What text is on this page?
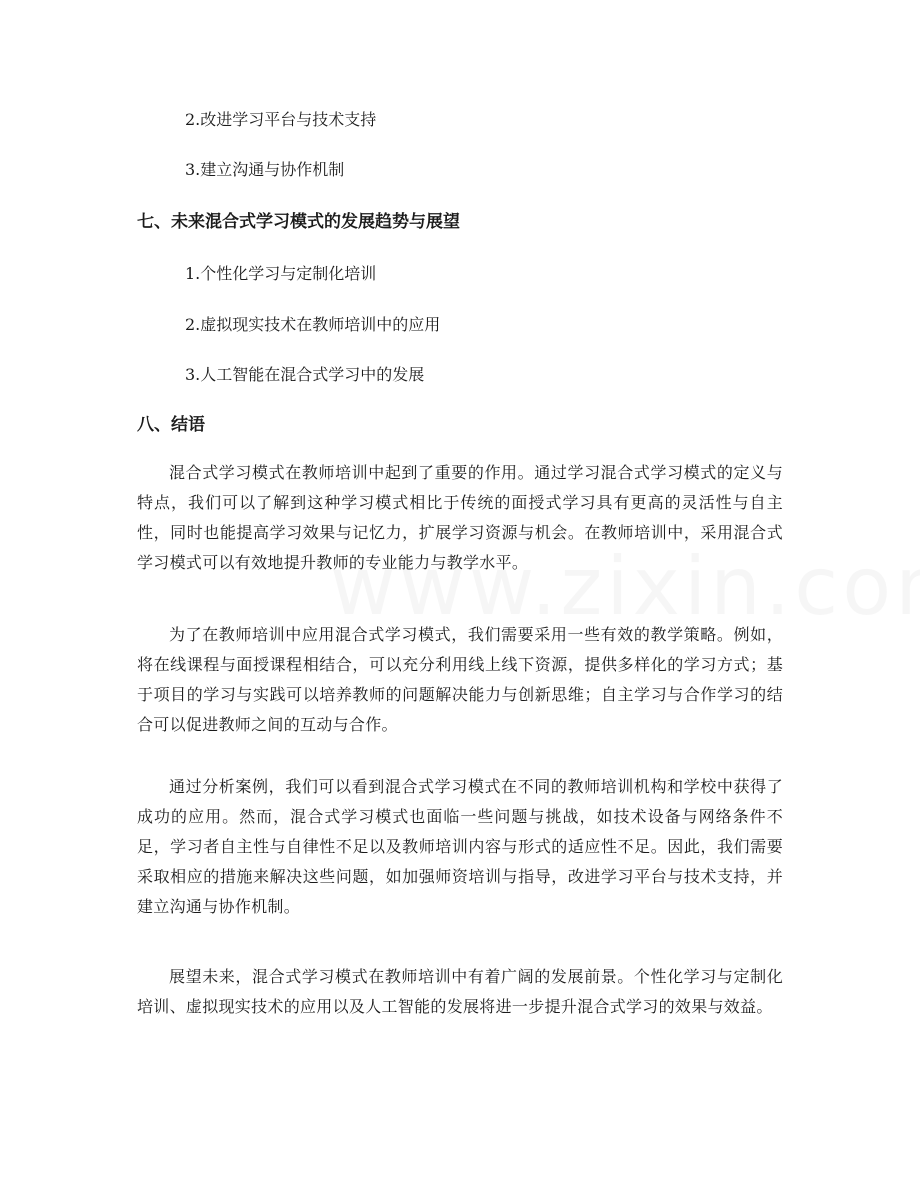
2.改进学习平台与技术支持
3.建立沟通与协作机制
七、未来混合式学习模式的发展趋势与展望
1.个性化学习与定制化培训
2.虚拟现实技术在教师培训中的应用
3.人工智能在混合式学习中的发展
八、结语
混合式学习模式在教师培训中起到了重要的作用。通过学习混合式学习模式的定义与特点，我们可以了解到这种学习模式相比于传统的面授式学习具有更高的灵活性与自主性，同时也能提高学习效果与记忆力，扩展学习资源与机会。在教师培训中，采用混合式学习模式可以有效地提升教师的专业能力与教学水平。
为了在教师培训中应用混合式学习模式，我们需要采用一些有效的教学策略。例如，将在线课程与面授课程相结合，可以充分利用线上线下资源，提供多样化的学习方式；基于项目的学习与实践可以培养教师的问题解决能力与创新思维；自主学习与合作学习的结合可以促进教师之间的互动与合作。
通过分析案例，我们可以看到混合式学习模式在不同的教师培训机构和学校中获得了成功的应用。然而，混合式学习模式也面临一些问题与挑战，如技术设备与网络条件不足，学习者自主性与自律性不足以及教师培训内容与形式的适应性不足。因此，我们需要采取相应的措施来解决这些问题，如加强师资培训与指导，改进学习平台与技术支持，并建立沟通与协作机制。
展望未来，混合式学习模式在教师培训中有着广阔的发展前景。个性化学习与定制化培训、虚拟现实技术的应用以及人工智能的发展将进一步提升混合式学习的效果与效益。
